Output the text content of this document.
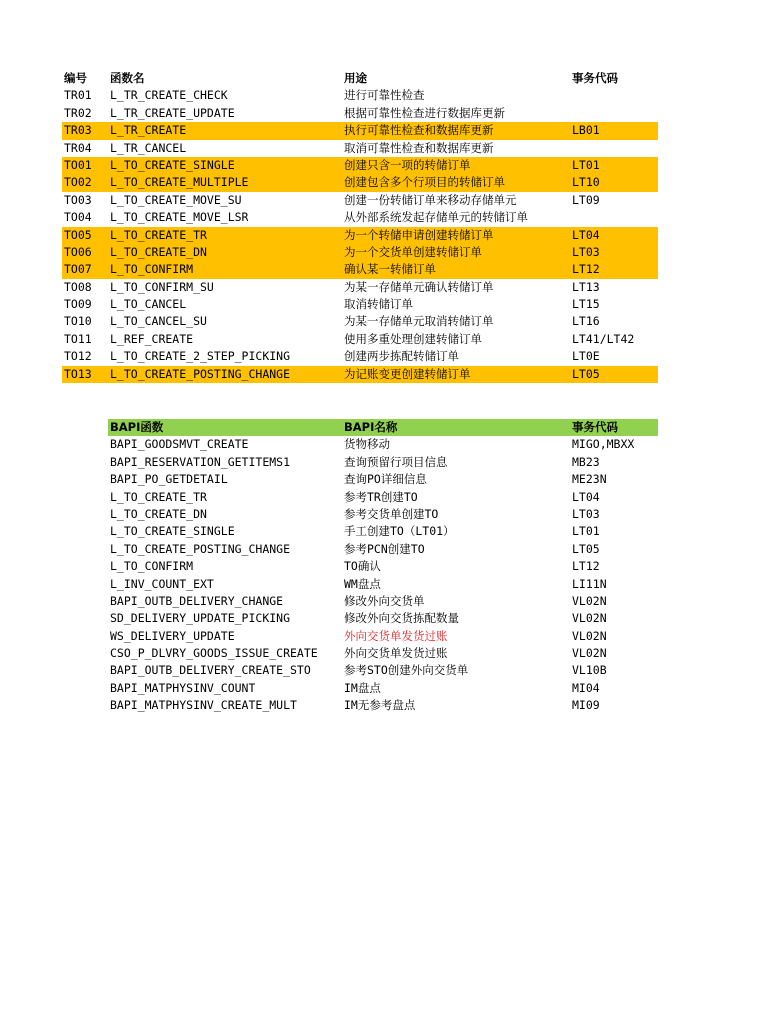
编号 函数名	用途	事务代码
TR01 L_TR_CREATE_CHECK	进行可靠性检查
TR02 L_TR_CREATE_UPDATE	根据可靠性检查进行数据库更新
TR03 L_TR_CREATE	执行可靠性检查和数据库更新	LB01
TR04 L_TR_CANCEL	取消可靠性检查和数据库更新
TO01 L_TO_CREATE_SINGLE	创建只含一项的转储订单	LT01
TO02 L_TO_CREATE_MULTIPLE	创建包含多个行项目的转储订单	LT10
TO03 L_TO_CREATE_MOVE_SU	创建一份转储订单来移动存储单元	LT09
TO04 L_TO_CREATE_MOVE_LSR	从外部系统发起存储单元的转储订单
TO05 L_TO_CREATE_TR	为一个转储申请创建转储订单	LT04
TO06 L_TO_CREATE_DN	为一个交货单创建转储订单	LT03
TO07 L_TO_CONFIRM	确认某一转储订单	LT12
TO08 L_TO_CONFIRM_SU	为某一存储单元确认转储订单	LT13
TO09 L_TO_CANCEL	取消转储订单	LT15
TO10 L_TO_CANCEL_SU	为某一存储单元取消转储订单	LT16
TO11 L_REF_CREATE	使用多重处理创建转储订单	LT41/LT42
TO12 L_TO_CREATE_2_STEP_PICKING	创建两步拣配转储订单	LT0E
TO13 L_TO_CREATE_POSTING_CHANGE	为记账变更创建转储订单	LT05
BAPI函数	BAPI名称	事务代码
BAPI_GOODSMVT_CREATE	货物移动	MIGO,MBXX
BAPI_RESERVATION_GETITEMS1	查询预留行项目信息	MB23
BAPI_PO_GETDETAIL	查询PO详细信息	ME23N
L_TO_CREATE_TR	参考TR创建TO	LT04
L_TO_CREATE_DN	参考交货单创建TO	LT03
L_TO_CREATE_SINGLE	手工创建TO（LT01）	LT01
L_TO_CREATE_POSTING_CHANGE	参考PCN创建TO	LT05
L_TO_CONFIRM	TO确认	LT12
L_INV_COUNT_EXT	WM盘点	LI11N
BAPI_OUTB_DELIVERY_CHANGE	修改外向交货单	VL02N
SD_DELIVERY_UPDATE_PICKING	修改外向交货拣配数量	VL02N
WS_DELIVERY_UPDATE	外向交货单发货过账	VL02N
CSO_P_DLVRY_GOODS_ISSUE_CREATE 外向交货单发货过账	VL02N
BAPI_OUTB_DELIVERY_CREATE_STO	参考STO创建外向交货单	VL10B
BAPI_MATPHYSINV_COUNT	IM盘点	MI04
BAPI_MATPHYSINV_CREATE_MULT	IM无参考盘点	MI09
